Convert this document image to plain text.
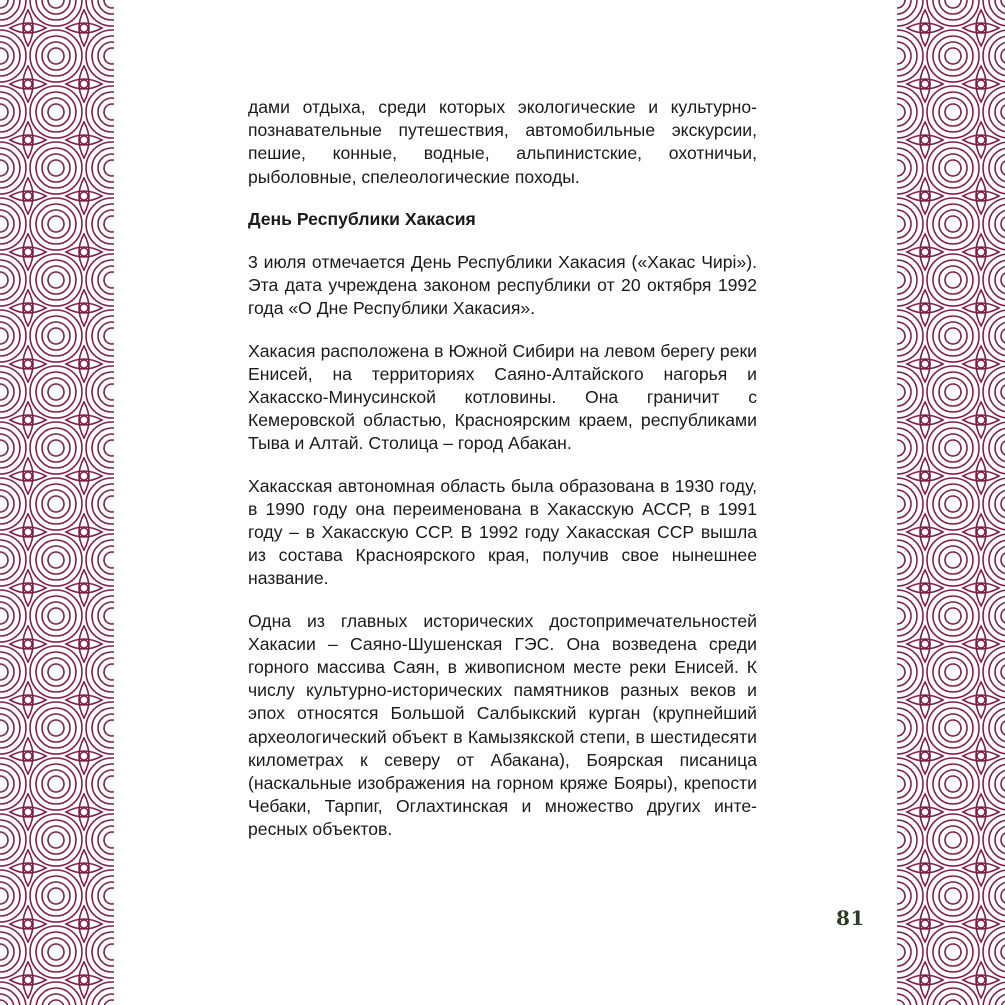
дами отдыха, среди которых экологические и культурно-познавательные путешествия, автомобильные экскурсии, пешие, конные, водные, альпинистские, охотничьи, рыболовные, спелеологические походы.

День Республики Хакасия

3 июля отмечается День Республики Хакасия («Хакас Чирi»). Эта дата учреждена законом республики от 20 октября 1992 года «О Дне Республики Хакасия».

Хакасия расположена в Южной Сибири на левом берегу реки Енисей, на территориях Саяно-Алтайского нагорья и Хакасско-Минусинской котловины. Она граничит с Кемеровской областью, Красноярским краем, республиками Тыва и Алтай. Столица – город Абакан.

Хакасская автономная область была образована в 1930 году, в 1990 году она переименована в Хакасскую АССР, в 1991 году – в Хакасскую ССР. В 1992 году Хакасская ССР вышла из состава Красноярского края, получив свое нынешнее название.

Одна из главных исторических достопримечательностей Хакасии – Саяно-Шушенская ГЭС. Она возведена среди горного массива Саян, в живописном месте реки Енисей. К числу культурно-исторических памятников разных веков и эпох относятся Большой Салбыкский курган (крупнейший археологический объект в Камызякской степи, в шестидесяти километрах к северу от Абакана), Боярская писаница (наскальные изображения на горном кряже Бояры), крепости Чебаки, Тарпиг, Оглахтинская и множество других интересных объектов.

81
